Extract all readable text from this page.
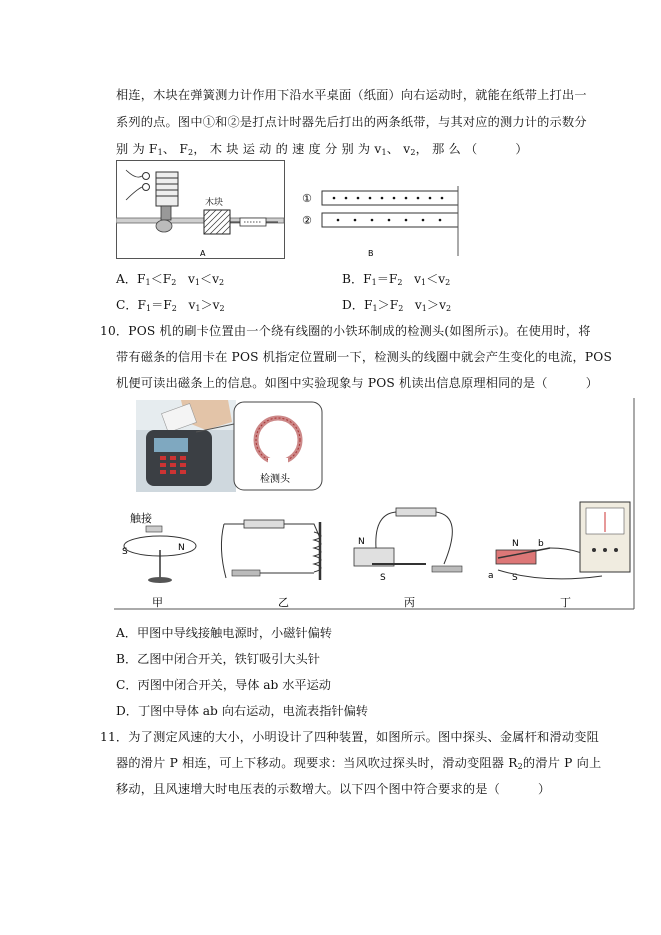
相连，木块在弹簧测力计作用下沿水平桌面（纸面）向右运动时，就能在纸带上打出一
系列的点。图中①和②是打点计时器先后打出的两条纸带，与其对应的测力计的示数分
别 为 $F_1$、 $F_2$， 木 块 运 动 的 速 度 分 别 为 $v_1$、 $v_2$， 那 么 （	）
木块
A
①
②
B
A．$F_1<F_2$ $v_1<v_2$	B．$F_1=F_2$ $v_1<v_2$
C．$F_1=F_2$ $v_1>v_2$	D．$F_1>F_2$ $v_1>v_2$
10．POS 机的刷卡位置由一个绕有线圈的小铁环制成的检测头(如图所示)。在使用时，将
带有磁条的信用卡在 POS 机指定位置刷一下，检测头的线圈中就会产生变化的电流，POS
机便可读出磁条上的信息。如图中实验现象与 POS 机读出信息原理相同的是（	）
检测头
触接
S	N
甲	乙
N
S
丙
N b
a S
丁
A．甲图中导线接触电源时，小磁针偏转
B．乙图中闭合开关，铁钉吸引大头针
C．丙图中闭合开关，导体 ab 水平运动
D．丁图中导体 ab 向右运动，电流表指针偏转
11．为了测定风速的大小，小明设计了四种装置，如图所示。图中探头、金属杆和滑动变阻
器的滑片 P 相连，可上下移动。现要求：当风吹过探头时，滑动变阻器 $R_2$的滑片 P 向上
移动，且风速增大时电压表的示数增大。以下四个图中符合要求的是（	）
